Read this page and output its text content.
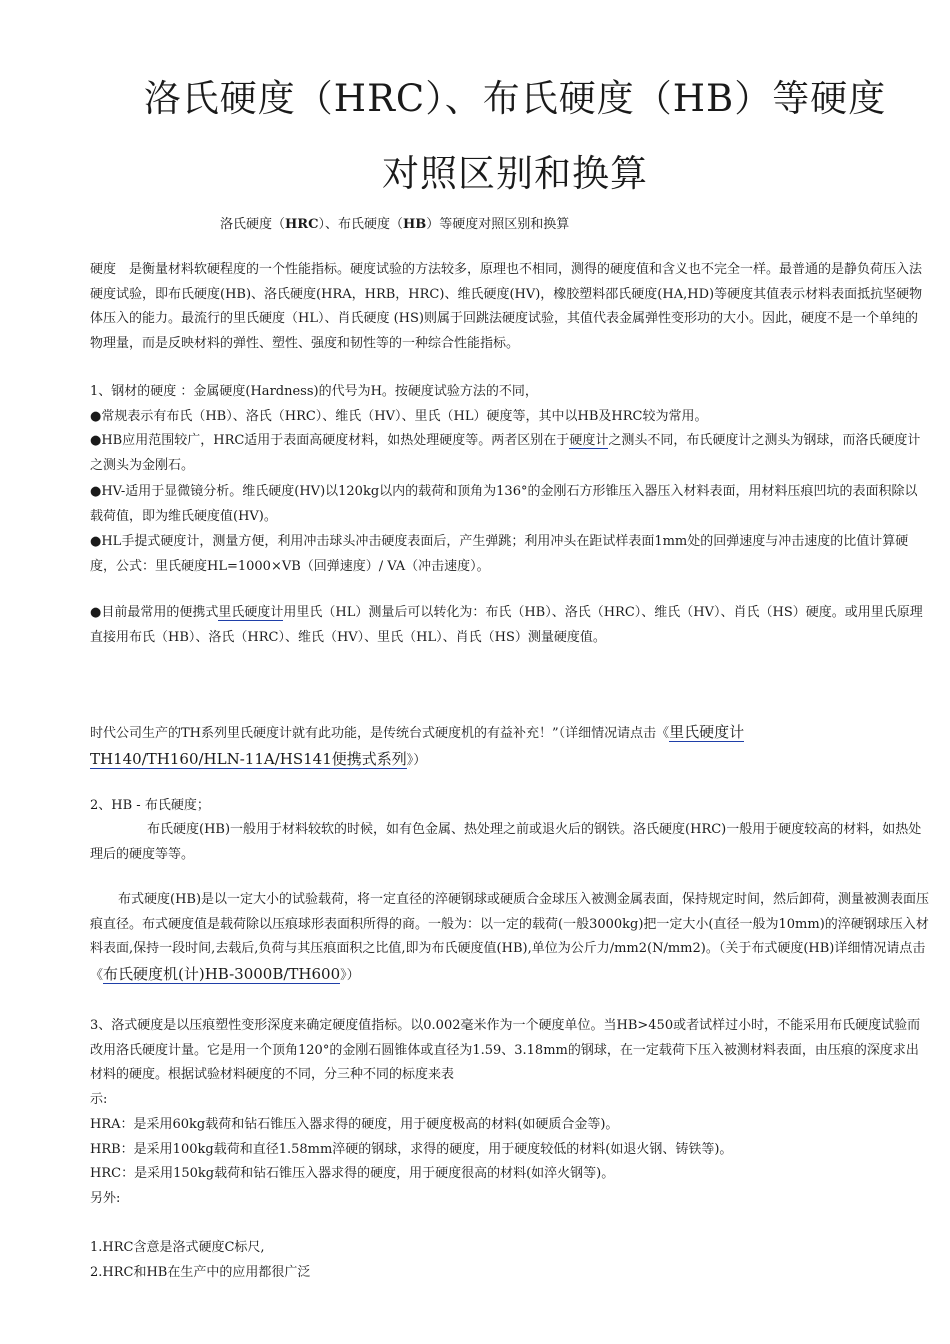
洛氏硬度（HRC）、布氏硬度（HB）等硬度
对照区别和换算
洛氏硬度（HRC）、布氏硬度（HB）等硬度对照区别和换算

硬度　是衡量材料软硬程度的一个性能指标。硬度试验的方法较多，原理也不相同，测得的硬度值和含义也不完全一样。最普通的是静负荷压入法硬度试验，即布氏硬度(HB)、洛氏硬度(HRA，HRB，HRC)、维氏硬度(HV)，橡胶塑料邵氏硬度(HA,HD)等硬度其值表示材料表面抵抗坚硬物体压入的能力。最流行的里氏硬度（HL）、肖氏硬度 (HS)则属于回跳法硬度试验，其值代表金属弹性变形功的大小。因此，硬度不是一个单纯的物理量，而是反映材料的弹性、塑性、强度和韧性等的一种综合性能指标。

1、钢材的硬度 ：金属硬度(Hardness)的代号为H。按硬度试验方法的不同，

●常规表示有布氏（HB）、洛氏（HRC）、维氏（HV）、里氏（HL）硬度等，其中以HB及HRC较为常用。

●HB应用范围较广，HRC适用于表面高硬度材料，如热处理硬度等。两者区别在于硬度计之测头不同，布氏硬度计之测头为钢球，而洛氏硬度计之测头为金刚石。

●HV-适用于显微镜分析。维氏硬度(HV)以120kg以内的载荷和顶角为136°的金刚石方形锥压入器压入材料表面，用材料压痕凹坑的表面积除以载荷值，即为维氏硬度值(HV)。

●HL手提式硬度计，测量方便，利用冲击球头冲击硬度表面后，产生弹跳；利用冲头在距试样表面1mm处的回弹速度与冲击速度的比值计算硬度，公式：里氏硬度HL=1000×VB（回弹速度）/ VA（冲击速度）。

●目前最常用的便携式里氏硬度计用里氏（HL）测量后可以转化为：布氏（HB）、洛氏（HRC）、维氏（HV）、肖氏（HS）硬度。或用里氏原理直接用布氏（HB）、洛氏（HRC）、维氏（HV）、里氏（HL）、肖氏（HS）测量硬度值。

时代公司生产的TH系列里氏硬度计就有此功能，是传统台式硬度机的有益补充！”（详细情况请点击《里氏硬度计
TH140/TH160/HLN-11A/HS141便携式系列》）

2、HB - 布氏硬度；

布氏硬度(HB)一般用于材料较软的时候，如有色金属、热处理之前或退火后的钢铁。洛氏硬度(HRC)一般用于硬度较高的材料，如热处理后的硬度等等。

布式硬度(HB)是以一定大小的试验载荷，将一定直径的淬硬钢球或硬质合金球压入被测金属表面，保持规定时间，然后卸荷，测量被测表面压痕直径。布式硬度值是载荷除以压痕球形表面积所得的商。一般为：以一定的载荷(一般3000kg)把一定大小(直径一般为10mm)的淬硬钢球压入材料表面,保持一段时间,去载后,负荷与其压痕面积之比值,即为布氏硬度值(HB),单位为公斤力/mm2(N/mm2)。（关于布式硬度(HB)详细情况请点击《布氏硬度机(计)HB-3000B/TH600》）

3、洛式硬度是以压痕塑性变形深度来确定硬度值指标。以0.002毫米作为一个硬度单位。当HB>450或者试样过小时，不能采用布氏硬度试验而改用洛氏硬度计量。它是用一个顶角120°的金刚石圆锥体或直径为1.59、3.18mm的钢球，在一定载荷下压入被测材料表面，由压痕的深度求出材料的硬度。根据试验材料硬度的不同，分三种不同的标度来表

示:

HRA：是采用60kg载荷和钻石锥压入器求得的硬度，用于硬度极高的材料(如硬质合金等)。

HRB：是采用100kg载荷和直径1.58mm淬硬的钢球，求得的硬度，用于硬度较低的材料(如退火钢、铸铁等)。

HRC：是采用150kg载荷和钻石锥压入器求得的硬度，用于硬度很高的材料(如淬火钢等)。

另外:

1.HRC含意是洛式硬度C标尺,

2.HRC和HB在生产中的应用都很广泛
